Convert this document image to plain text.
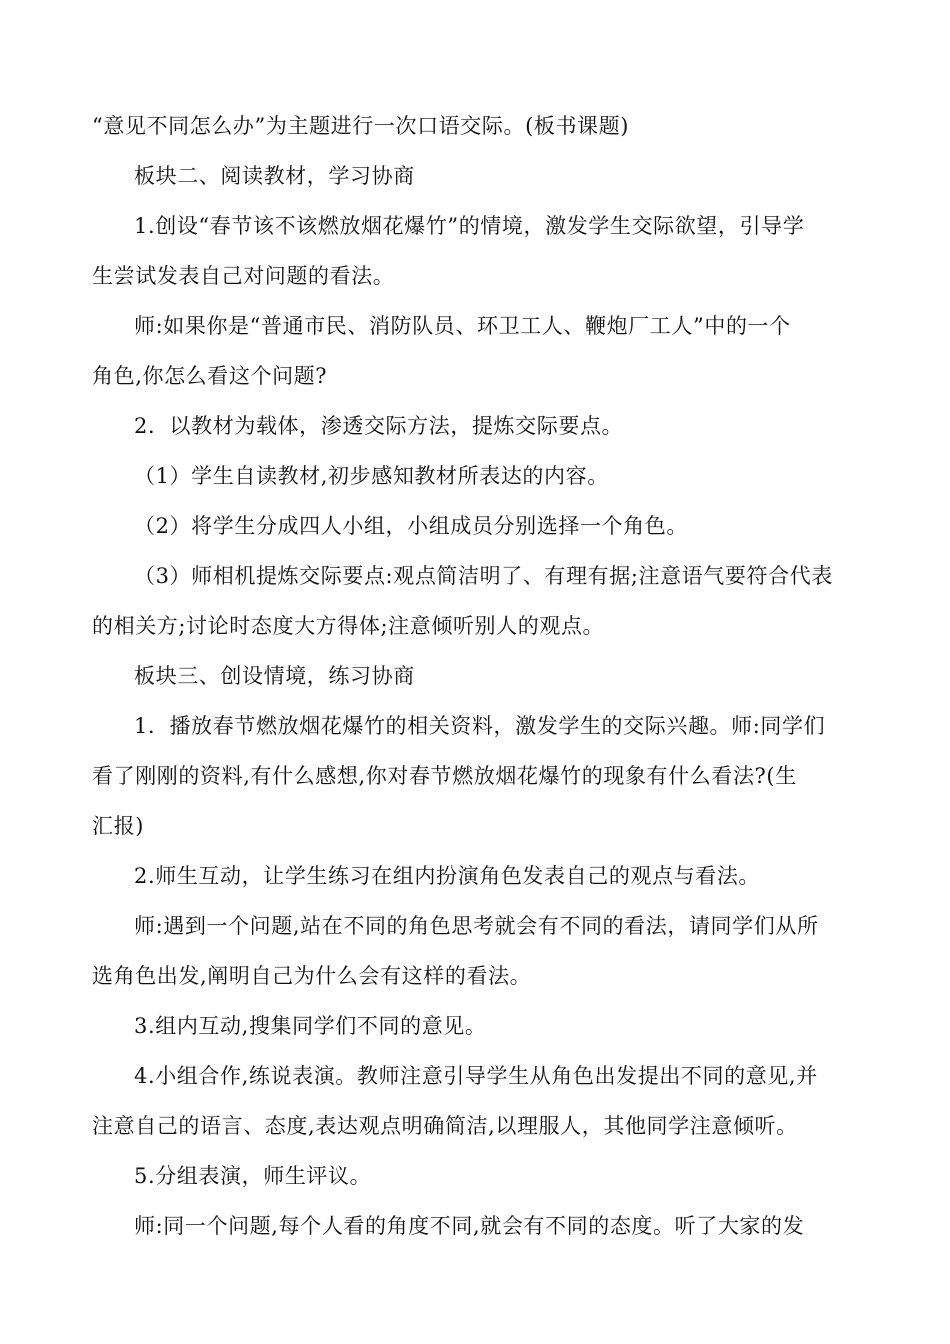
“意见不同怎么办”为主题进行一次口语交际。(板书课题)
板块二、阅读教材，学习协商
1.创设“春节该不该燃放烟花爆竹”的情境，激发学生交际欲望，引导学
生尝试发表自己对问题的看法。
师:如果你是“普通市民、消防队员、环卫工人、鞭炮厂工人”中的一个
角色,你怎么看这个问题?
2．以教材为载体，渗透交际方法，提炼交际要点。
（1）学生自读教材,初步感知教材所表达的内容。
（2）将学生分成四人小组，小组成员分别选择一个角色。
（3）师相机提炼交际要点:观点简洁明了、有理有据;注意语气要符合代表
的相关方;讨论时态度大方得体;注意倾听别人的观点。
板块三、创设情境，练习协商
1．播放春节燃放烟花爆竹的相关资料，激发学生的交际兴趣。师:同学们
看了刚刚的资料,有什么感想,你对春节燃放烟花爆竹的现象有什么看法?(生
汇报)
2.师生互动，让学生练习在组内扮演角色发表自己的观点与看法。
师:遇到一个问题,站在不同的角色思考就会有不同的看法，请同学们从所
选角色出发,阐明自己为什么会有这样的看法。
3.组内互动,搜集同学们不同的意见。
4.小组合作,练说表演。教师注意引导学生从角色出发提出不同的意见,并
注意自己的语言、态度,表达观点明确简洁,以理服人，其他同学注意倾听。
5.分组表演，师生评议。
师:同一个问题,每个人看的角度不同,就会有不同的态度。听了大家的发
